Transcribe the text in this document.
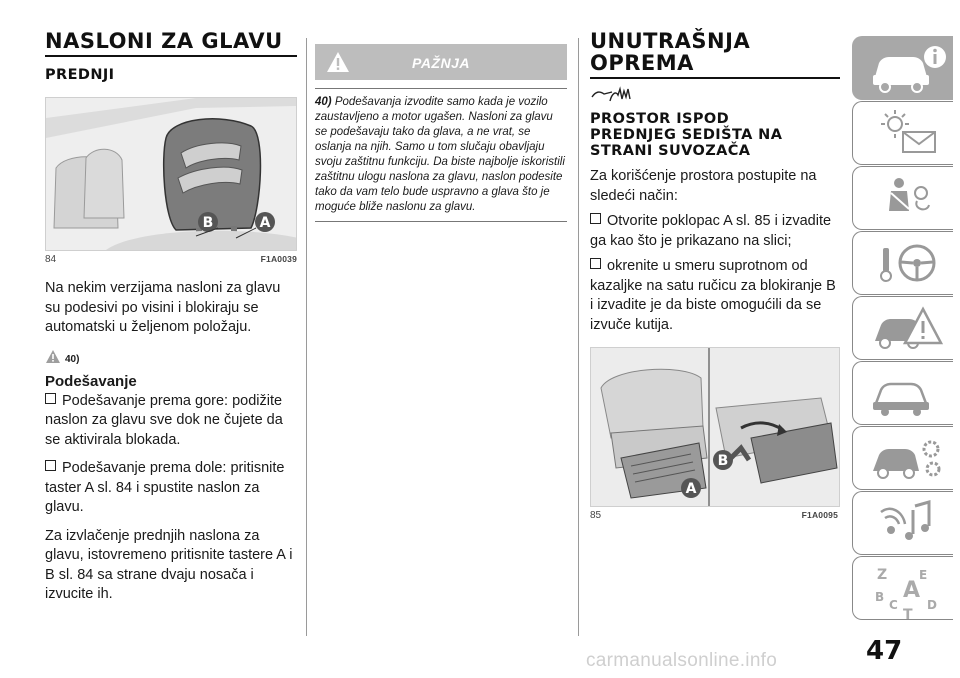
NASLONI ZA GLAVU
PREDNJI
B	A
84	F1A0039

Na nekim verzijama nasloni za glavu su podesivi po visini i blokiraju se automatski u željenom položaju.

40)
Podešavanje

Podešavanje prema gore: podižite naslon za glavu sve dok ne čujete da se aktivirala blokada.

Podešavanje prema dole: pritisnite taster A sl. 84 i spustite naslon za glavu.

Za izvlačenje prednjih naslona za glavu, istovremeno pritisnite tastere A i B sl. 84 sa strane dvaju nosača i izvucite ih.

PAŽNJA
40) Podešavanja izvodite samo kada je vozilo zaustavljeno a motor ugašen. Nasloni za glavu se podešavaju tako da glava, a ne vrat, se oslanja na njih. Samo u tom slučaju obavljaju svoju zaštitnu funkciju. Da biste najbolje iskoristili zaštitnu ulogu naslona za glavu, naslon podesite tako da vam telo bude uspravno a glava što je moguće bliže naslonu za glavu.
UNUTRAŠNJA
OPREMA
PROSTOR ISPOD
PREDNJEG SEDIŠTA NA
STRANI SUVOZAČA

Za korišćenje prostora postupite na sledeći način:

Otvorite poklopac A sl. 85 i izvadite ga kao što je prikazano na slici;

okrenite u smeru suprotnom od kazaljke na satu ručicu za blokiranje B i izvadite je da biste omogućili da se izvuče kutija.

A
B
85	F1A0095
Z	E
A
B
C D
T
47
carmanualsonline.info
